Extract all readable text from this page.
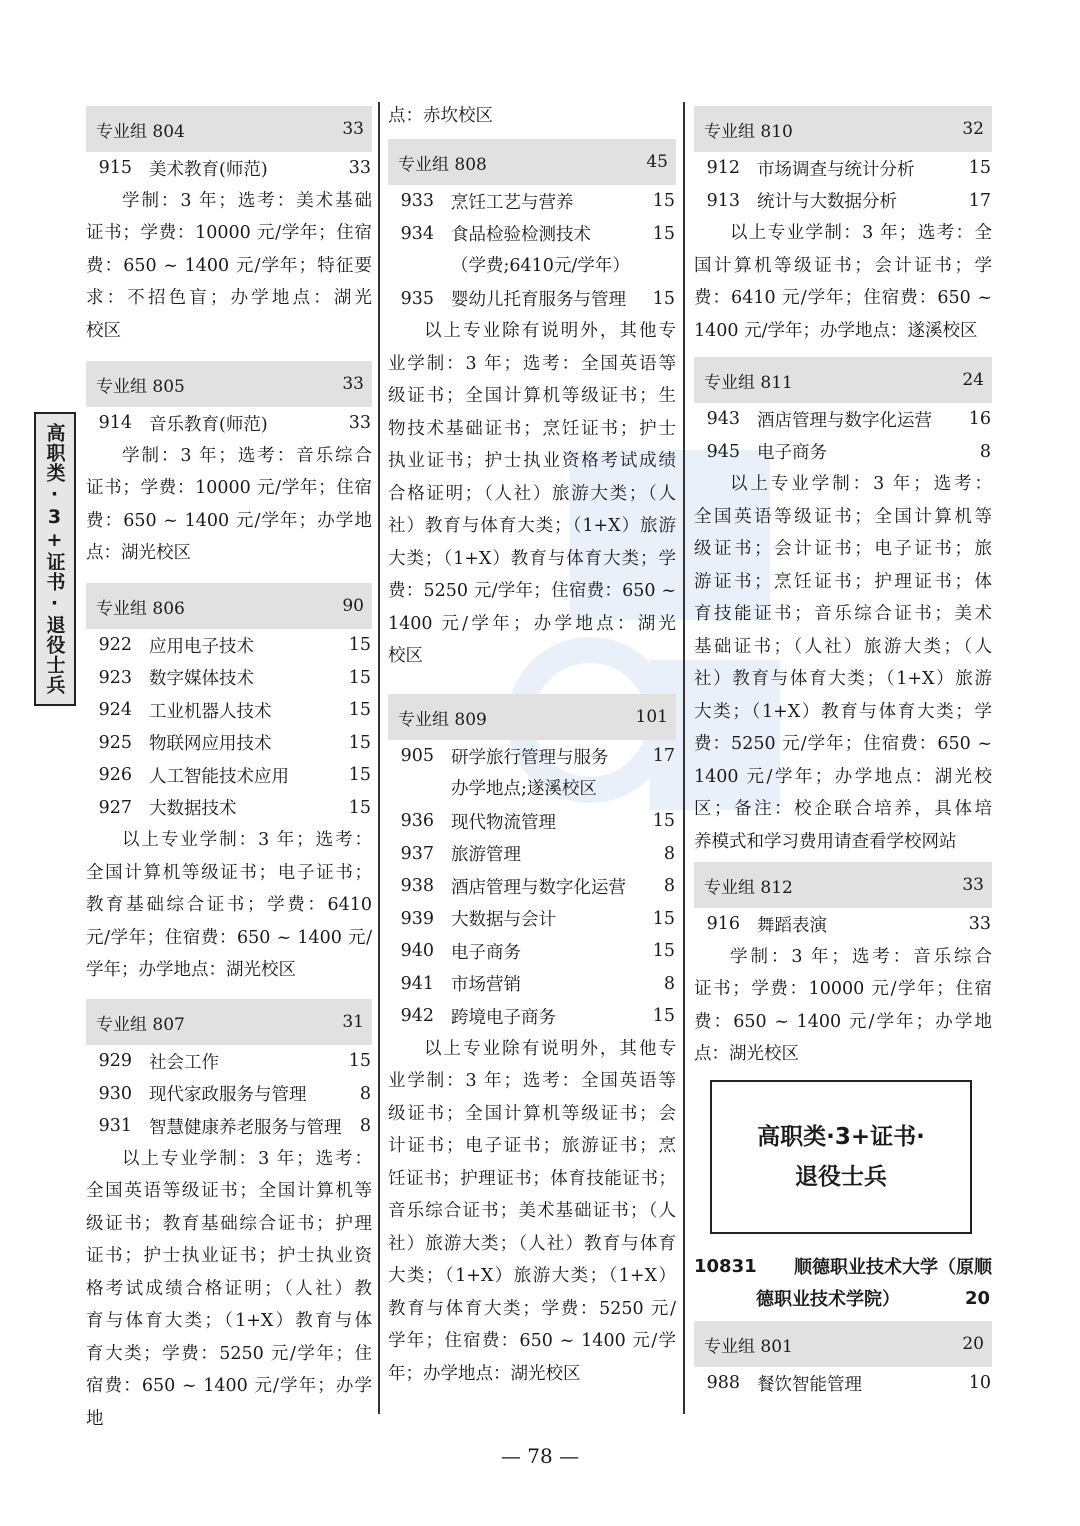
高职类·3+证书·退役士兵
专业组 804	33
915 美术教育(师范)	33
学制：3 年；选考：美术基础
证书；学费：10000 元/学年；住宿
费：650 ~ 1400 元/学年；特征要
求：不招色盲；办学地点：湖光
校区
专业组 805	33
914 音乐教育(师范)	33
学制：3 年；选考：音乐综合
证书；学费：10000 元/学年；住宿
费：650 ~ 1400 元/学年；办学地
点：湖光校区
专业组 806	90
922 应用电子技术	15
923 数字媒体技术	15
924 工业机器人技术	15
925 物联网应用技术	15
926 人工智能技术应用	15
927 大数据技术	15
以上专业学制：3 年；选考：
全国计算机等级证书；电子证书；
教育基础综合证书；学费：6410
元/学年；住宿费：650 ~ 1400 元/
学年；办学地点：湖光校区
专业组 807	31
929 社会工作	15
930 现代家政服务与管理	8
931 智慧健康养老服务与管理	8
以上专业学制：3 年；选考：
全国英语等级证书；全国计算机等
级证书；教育基础综合证书；护理
证书；护士执业证书；护士执业资
格考试成绩合格证明；（人社）教
育与体育大类；（1+X）教育与体
育大类；学费：5250 元/学年；住
宿费：650 ~ 1400 元/学年；办学地
点：赤坎校区
专业组 808	45
933 烹饪工艺与营养	15
934 食品检验检测技术	15
（学费;6410元/学年）
935 婴幼儿托育服务与管理	15
以上专业除有说明外，其他专
业学制：3 年；选考：全国英语等
级证书；全国计算机等级证书；生
物技术基础证书；烹饪证书；护士
执业证书；护士执业资格考试成绩
合格证明；（人社）旅游大类；（人
社）教育与体育大类；（1+X）旅游
大类；（1+X）教育与体育大类；学
费：5250 元/学年；住宿费：650 ~
1400 元/学年；办学地点：湖光
校区
专业组 809	101
905 研学旅行管理与服务	17
办学地点;遂溪校区
936 现代物流管理	15
937 旅游管理	8
938 酒店管理与数字化运营	8
939 大数据与会计	15
940 电子商务	15
941 市场营销	8
942 跨境电子商务	15
以上专业除有说明外，其他专
业学制：3 年；选考：全国英语等
级证书；全国计算机等级证书；会
计证书；电子证书；旅游证书；烹
饪证书；护理证书；体育技能证书；
音乐综合证书；美术基础证书；（人
社）旅游大类；（人社）教育与体育
大类；（1+X）旅游大类；（1+X）
教育与体育大类；学费：5250 元/
学年；住宿费：650 ~ 1400 元/学
年；办学地点：湖光校区
专业组 810	32
912 市场调查与统计分析	15
913 统计与大数据分析	17
以上专业学制：3 年；选考：全
国计算机等级证书；会计证书；学
费：6410 元/学年；住宿费：650 ~
1400 元/学年；办学地点：遂溪校区
专业组 811	24
943 酒店管理与数字化运营	16
945 电子商务	8
以上专业学制：3 年；选考：
全国英语等级证书；全国计算机等
级证书；会计证书；电子证书；旅
游证书；烹饪证书；护理证书；体
育技能证书；音乐综合证书；美术
基础证书；（人社）旅游大类；（人
社）教育与体育大类；（1+X）旅游
大类；（1+X）教育与体育大类；学
费：5250 元/学年；住宿费：650 ~
1400 元/学年；办学地点：湖光校
区；备注：校企联合培养，具体培
养模式和学习费用请查看学校网站
专业组 812	33
916 舞蹈表演	33
学制：3 年；选考：音乐综合
证书；学费：10000 元/学年；住宿
费：650 ~ 1400 元/学年；办学地
点：湖光校区
高职类·3+证书·
退役士兵
10831	顺德职业技术大学（原顺
德职业技术学院）	20
专业组 801	20
988 餐饮智能管理	10
— 78 —
